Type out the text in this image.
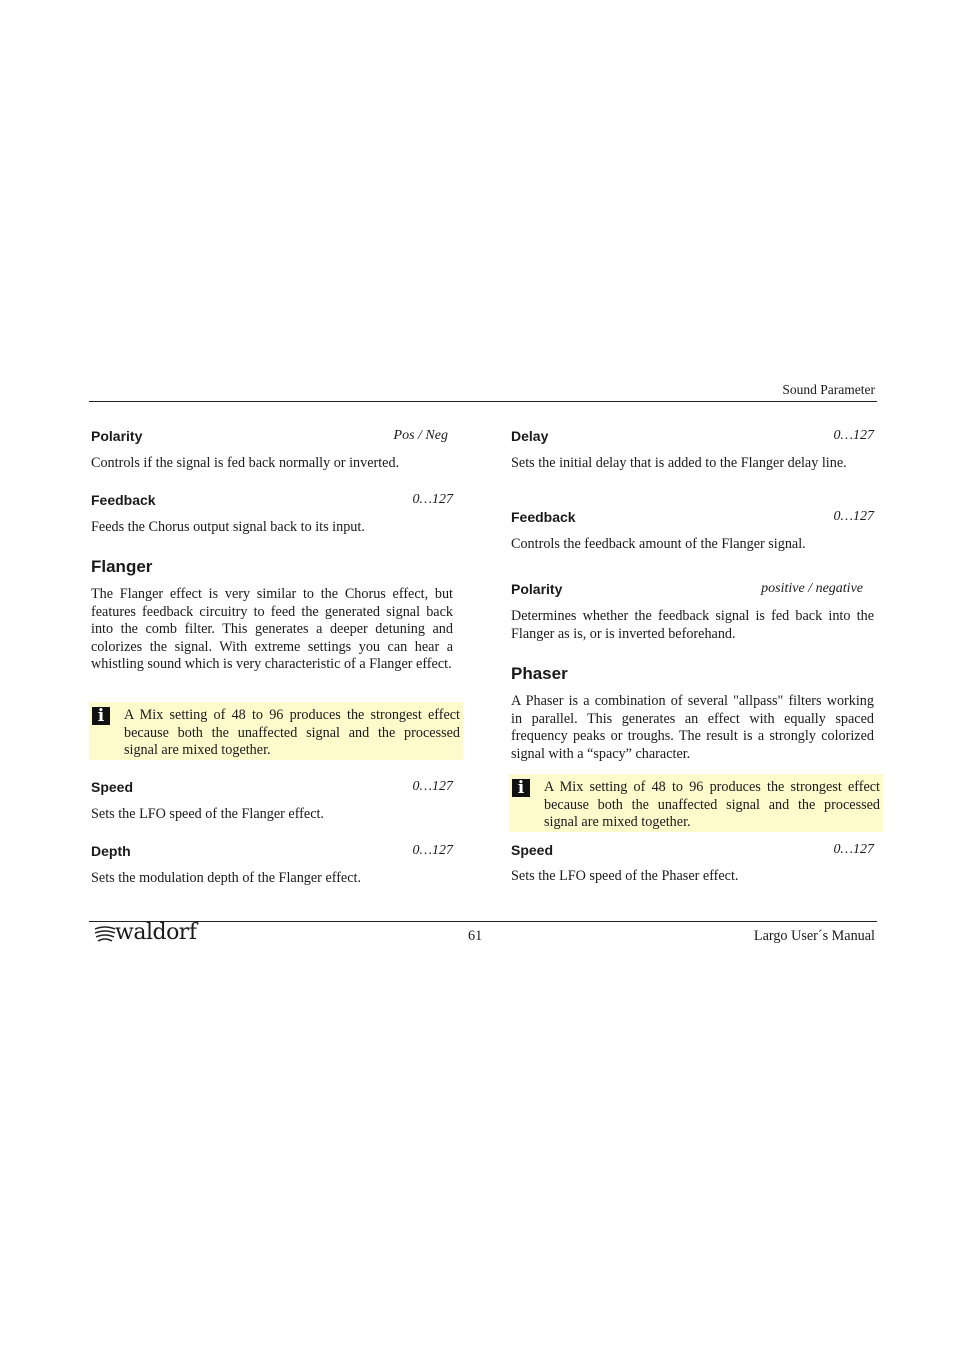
Sound Parameter
Polarity	Pos / Neg
Controls if the signal is fed back normally or inverted.
Feedback	0…127
Feeds the Chorus output signal back to its input.
Flanger
The Flanger effect is very similar to the Chorus effect, but features feedback circuitry to feed the generated signal back into the comb filter. This generates a deeper detuning and colorizes the signal. With extreme settings you can hear a whistling sound which is very characteristic of a Flanger effect.
i	A Mix setting of 48 to 96 produces the strongest effect because both the unaffected signal and the processed signal are mixed together.
Speed	0…127
Sets the LFO speed of the Flanger effect.
Depth	0…127
Sets the modulation depth of the Flanger effect.
Delay	0…127
Sets the initial delay that is added to the Flanger delay line.
Feedback	0…127
Controls the feedback amount of the Flanger signal.
Polarity	positive / negative
Determines whether the feedback signal is fed back into the Flanger as is, or is inverted beforehand.
Phaser
A Phaser is a combination of several "allpass" filters working in parallel. This generates an effect with equally spaced frequency peaks or troughs. The result is a strongly colorized signal with a “spacy” character.
i	A Mix setting of 48 to 96 produces the strongest effect because both the unaffected signal and the processed signal are mixed together.
Speed	0…127
Sets the LFO speed of the Phaser effect.
waldorf	61	Largo User´s Manual
